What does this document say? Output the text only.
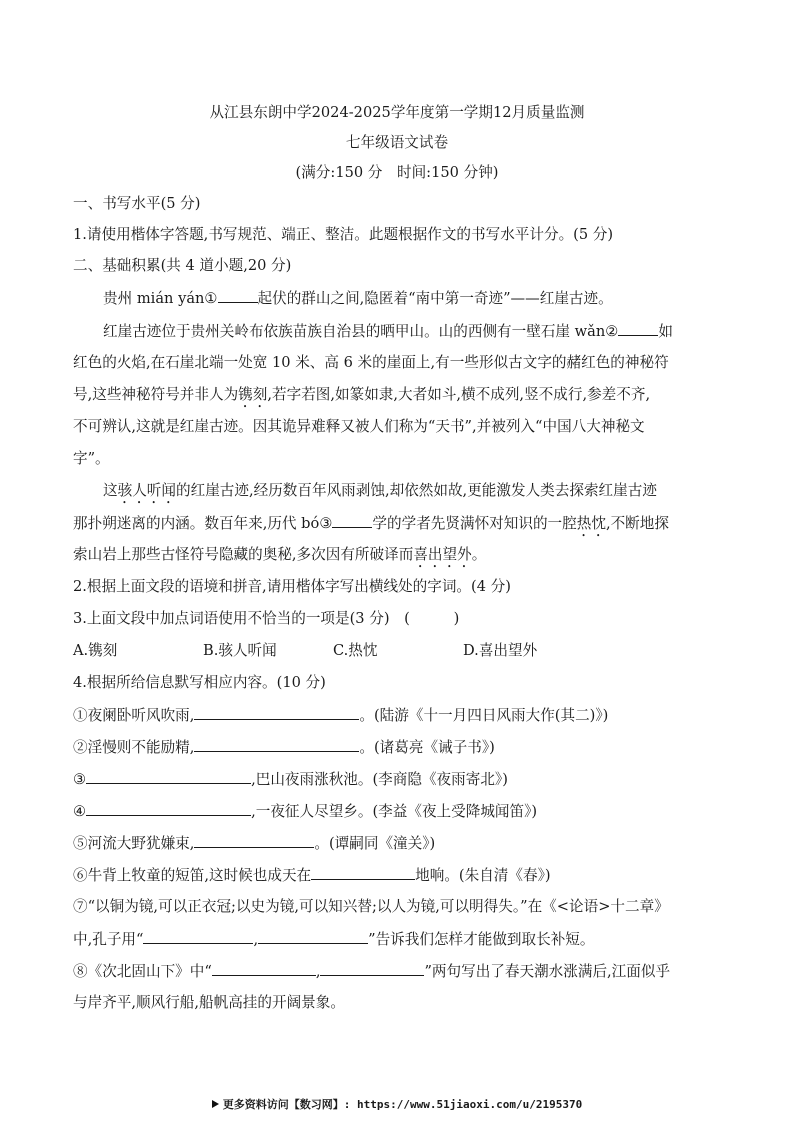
从江县东朗中学2024-2025学年度第一学期12月质量监测
七年级语文试卷
(满分:150 分　时间:150 分钟)
一、书写水平(5 分)
1.请使用楷体字答题,书写规范、端正、整洁。此题根据作文的书写水平计分。(5 分)
二、基础积累(共 4 道小题,20 分)
贵州 mián yán①	起伏的群山之间,隐匿着“南中第一奇迹”——红崖古迹。
红崖古迹位于贵州关岭布依族苗族自治县的晒甲山。山的西侧有一壁石崖 wǎn②	如
红色的火焰,在石崖北端一处宽 10 米、高 6 米的崖面上,有一些形似古文字的赭红色的神秘符
号,这些神秘符号并非人为镌刻,若字若图,如篆如隶,大者如斗,横不成列,竖不成行,参差不齐,
不可辨认,这就是红崖古迹。因其诡异难释又被人们称为“天书”,并被列入“中国八大神秘文
字”。
这骇人听闻的红崖古迹,经历数百年风雨剥蚀,却依然如故,更能激发人类去探索红崖古迹
那扑朔迷离的内涵。数百年来,历代 bó③	学的学者先贤满怀对知识的一腔热忱,不断地探
索山岩上那些古怪符号隐藏的奥秘,多次因有所破译而喜出望外。
2.根据上面文段的语境和拼音,请用楷体字写出横线处的字词。(4 分)
3.上面文段中加点词语使用不恰当的一项是(3 分)　(　　　)
A.镌刻	B.骇人听闻	C.热忱	D.喜出望外
4.根据所给信息默写相应内容。(10 分)
①夜阑卧听风吹雨,	。(陆游《十一月四日风雨大作(其二)》)
②淫慢则不能励精,	。(诸葛亮《诫子书》)
③	,巴山夜雨涨秋池。(李商隐《夜雨寄北》)
④	,一夜征人尽望乡。(李益《夜上受降城闻笛》)
⑤河流大野犹嫌束,	。(谭嗣同《潼关》)
⑥牛背上牧童的短笛,这时候也成天在	地响。(朱自清《春》)
⑦“以铜为镜,可以正衣冠;以史为镜,可以知兴替;以人为镜,可以明得失。”在《<论语>十二章》
中,孔子用“	,	”告诉我们怎样才能做到取长补短。
⑧《次北固山下》中“	,	”两句写出了春天潮水涨满后,江面似乎
与岸齐平,顺风行船,船帆高挂的开阔景象。
更多资料访问【数习网】: https://www.51jiaoxi.com/u/2195370
